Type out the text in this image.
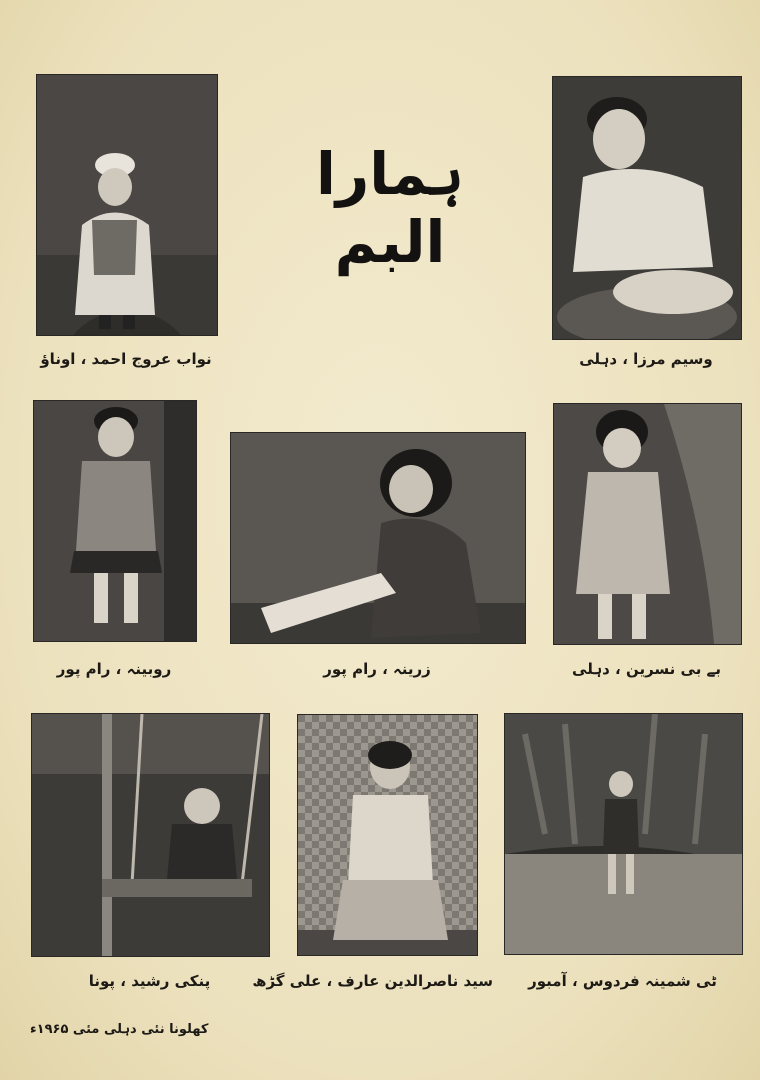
ہمارا البم
نواب عروج احمد ، اوناؤ	وسیم مرزا ، دہلی
روبینہ ، رام پور	زرینہ ، رام پور	بے بی نسرین ، دہلی
پنکی رشید ، پونا	سید ناصرالدین عارف ، علی گڑھ	ٹی شمینہ فردوس ، آمبور
کھلونا نئی دہلی مئی ۱۹۶۵ء
